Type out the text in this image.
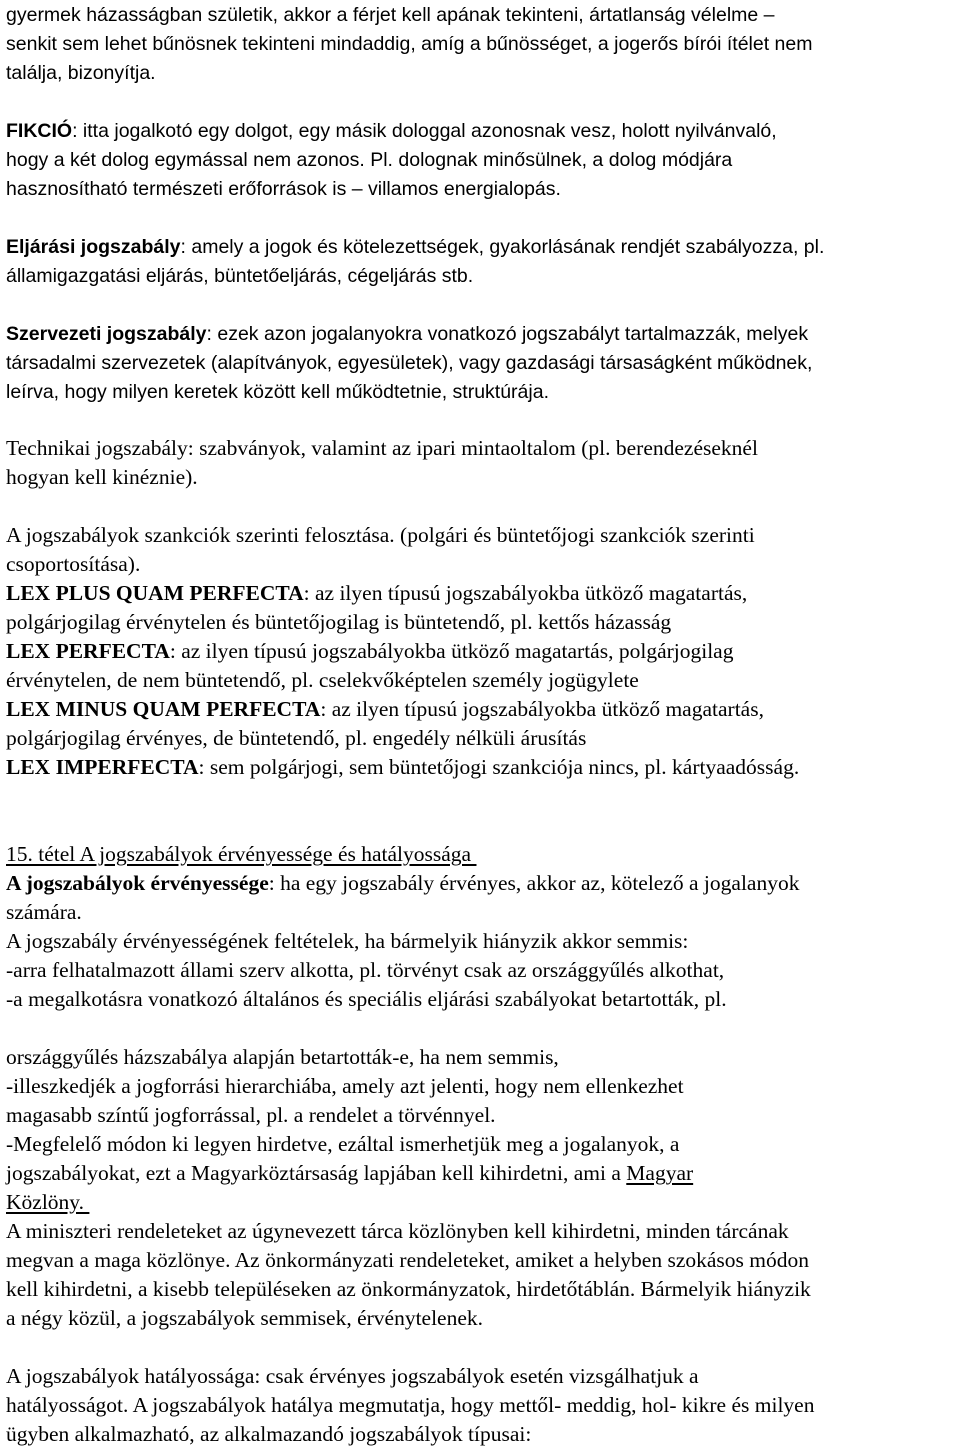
gyermek házasságban születik, akkor a férjet kell apának tekinteni, ártatlanság vélelme –
senkit sem lehet bűnösnek tekinteni mindaddig, amíg a bűnösséget, a jogerős bírói ítélet nem
találja, bizonyítja.
FIKCIÓ: itta jogalkotó egy dolgot, egy másik dologgal azonosnak vesz, holott nyilvánvaló,
hogy a két dolog egymással nem azonos. Pl. dolognak minősülnek, a dolog módjára
hasznosítható természeti erőforrások is – villamos energialopás.
Eljárási jogszabály: amely a jogok és kötelezettségek, gyakorlásának rendjét szabályozza, pl.
államigazgatási eljárás, büntetőeljárás, cégeljárás stb.
Szervezeti jogszabály: ezek azon jogalanyokra vonatkozó jogszabályt tartalmazzák, melyek
társadalmi szervezetek (alapítványok, egyesületek), vagy gazdasági társaságként működnek,
leírva, hogy milyen keretek között kell működtetnie, struktúrája.
Technikai jogszabály: szabványok, valamint az ipari mintaoltalom (pl. berendezéseknél
hogyan kell kinéznie).
A jogszabályok szankciók szerinti felosztása. (polgári és büntetőjogi szankciók szerinti
csoportosítása).
LEX PLUS QUAM PERFECTA: az ilyen típusú jogszabályokba ütköző magatartás,
polgárjogilag érvénytelen és büntetőjogilag is büntetendő, pl. kettős házasság
LEX PERFECTA: az ilyen típusú jogszabályokba ütköző magatartás, polgárjogilag
érvénytelen, de nem büntetendő, pl. cselekvőképtelen személy jogügylete
LEX MINUS QUAM PERFECTA: az ilyen típusú jogszabályokba ütköző magatartás,
polgárjogilag érvényes, de büntetendő, pl. engedély nélküli árusítás
LEX IMPERFECTA: sem polgárjogi, sem büntetőjogi szankciója nincs, pl. kártyaadósság.
15. tétel A jogszabályok érvényessége és hatályossága
A jogszabályok érvényessége: ha egy jogszabály érvényes, akkor az, kötelező a jogalanyok
számára.
A jogszabály érvényességének feltételek, ha bármelyik hiányzik akkor semmis:
-arra felhatalmazott állami szerv alkotta, pl. törvényt csak az országgyűlés alkothat,
-a megalkotásra vonatkozó általános és speciális eljárási szabályokat betartották, pl.
országgyűlés házszabálya alapján betartották-e, ha nem semmis,
-illeszkedjék a jogforrási hierarchiába, amely azt jelenti, hogy nem ellenkezhet
magasabb színtű jogforrással, pl. a rendelet a törvénnyel.
-Megfelelő módon ki legyen hirdetve, ezáltal ismerhetjük meg a jogalanyok, a
jogszabályokat, ezt a Magyarköztársaság lapjában kell kihirdetni, ami a Magyar
Közlöny.
A miniszteri rendeleteket az úgynevezett tárca közlönyben kell kihirdetni, minden tárcának
megvan a maga közlönye. Az önkormányzati rendeleteket, amiket a helyben szokásos módon
kell kihirdetni, a kisebb településeken az önkormányzatok, hirdetőtáblán. Bármelyik hiányzik
a négy közül, a jogszabályok semmisek, érvénytelenek.
A jogszabályok hatályossága: csak érvényes jogszabályok esetén vizsgálhatjuk a
hatályosságot. A jogszabályok hatálya megmutatja, hogy mettől- meddig, hol- kikre és milyen
ügyben alkalmazható, az alkalmazandó jogszabályok típusai:
